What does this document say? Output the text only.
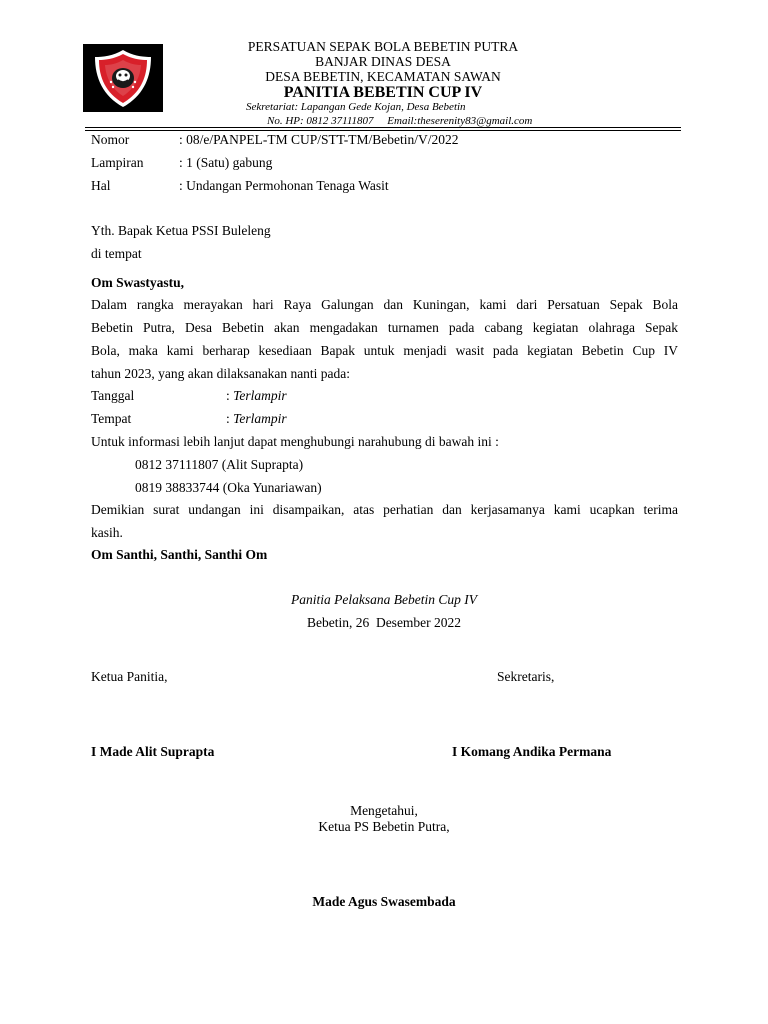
PERSATUAN SEPAK BOLA BEBETIN PUTRA
BANJAR DINAS DESA
DESA BEBETIN, KECAMATAN SAWAN
PANITIA BEBETIN CUP IV
Sekretariat: Lapangan Gede Kojan, Desa Bebetin
No. HP: 0812 37111807     Email:theserenity83@gmail.com
Nomor	: 08/e/PANPEL-TM CUP/STT-TM/Bebetin/V/2022
Lampiran	: 1 (Satu) gabung
Hal	: Undangan Permohonan Tenaga Wasit
Yth. Bapak Ketua PSSI Buleleng
di tempat
Om Swastyastu,
Dalam rangka merayakan hari Raya Galungan dan Kuningan, kami dari Persatuan Sepak Bola
Bebetin Putra, Desa Bebetin akan mengadakan turnamen pada cabang kegiatan olahraga Sepak
Bola, maka kami berharap kesediaan Bapak untuk menjadi wasit pada kegiatan Bebetin Cup IV
tahun 2023, yang akan dilaksanakan nanti pada:
Tanggal	: Terlampir
Tempat	: Terlampir
Untuk informasi lebih lanjut dapat menghubungi narahubung di bawah ini :
0812 37111807 (Alit Suprapta)
0819 38833744 (Oka Yunariawan)
Demikian surat undangan ini disampaikan, atas perhatian dan kerjasamanya kami ucapkan terima
kasih.
Om Santhi, Santhi, Santhi Om
Panitia Pelaksana Bebetin Cup IV
Bebetin, 26  Desember 2022
Ketua Panitia,	Sekretaris,
I Made Alit Suprapta	I Komang Andika Permana
Mengetahui,
Ketua PS Bebetin Putra,
Made Agus Swasembada
